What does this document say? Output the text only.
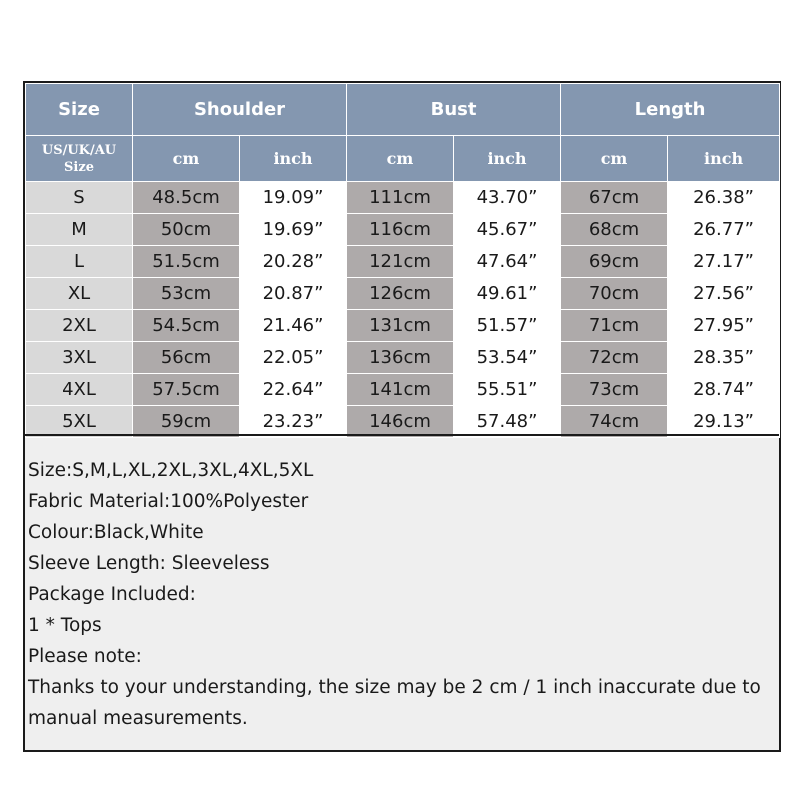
Size	Shoulder		Bust		Length	

US/UK/AU
Size	cm	inch	cm	inch	cm	inch
S	48.5cm	19.09”	111cm	43.70”	67cm	26.38”
M	50cm	19.69”	116cm	45.67”	68cm	26.77”
L	51.5cm	20.28”	121cm	47.64”	69cm	27.17”
XL	53cm	20.87”	126cm	49.61”	70cm	27.56”
2XL	54.5cm	21.46”	131cm	51.57”	71cm	27.95”
3XL	56cm	22.05”	136cm	53.54”	72cm	28.35”
4XL	57.5cm	22.64”	141cm	55.51”	73cm	28.74”
5XL	59cm	23.23”	146cm	57.48”	74cm	29.13”
Size:S,M,L,XL,2XL,3XL,4XL,5XL
Fabric Material:100%Polyester
Colour:Black,White
Sleeve Length: Sleeveless
Package Included:
1 * Tops
Please note:
Thanks to your understanding, the size may be 2 cm / 1 inch inaccurate due to manual measurements.
